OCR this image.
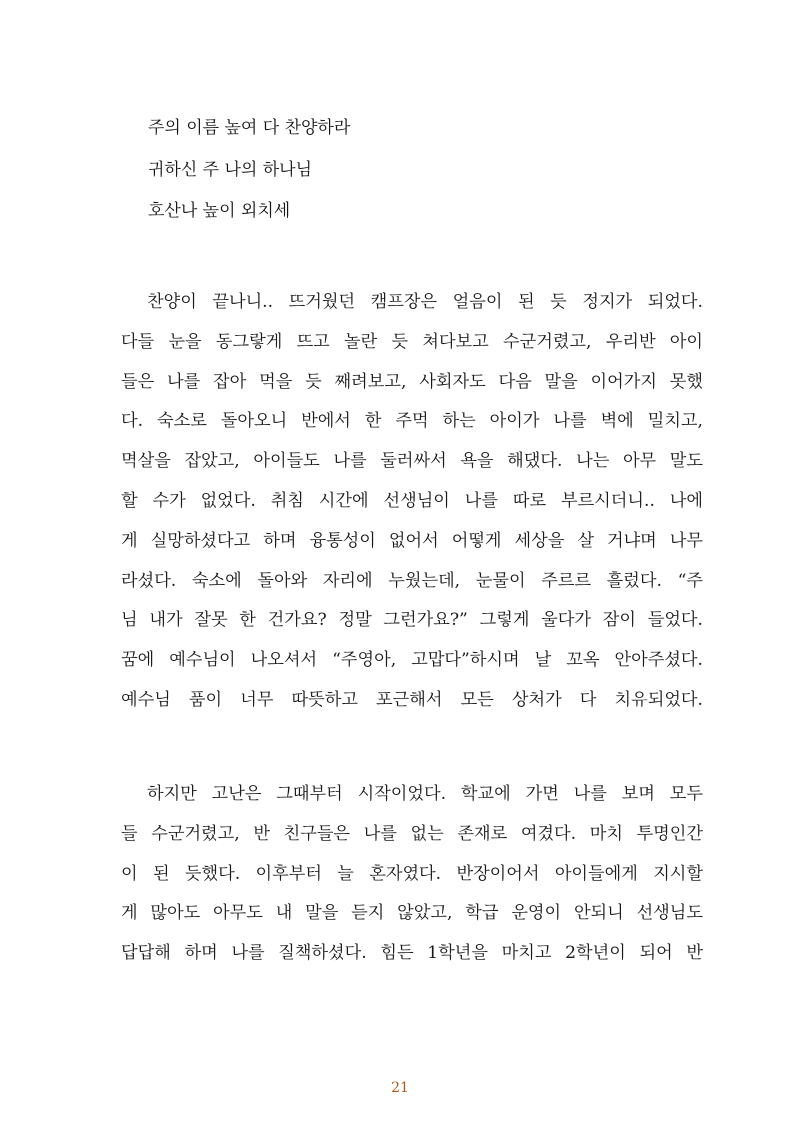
주의 이름 높여 다 찬양하라
귀하신 주 나의 하나님
호산나 높이 외치세
찬양이 끝나니.. 뜨거웠던 캠프장은 얼음이 된 듯 정지가 되었다.
다들 눈을 동그랗게 뜨고 놀란 듯 쳐다보고 수군거렸고, 우리반 아이
들은 나를 잡아 먹을 듯 째려보고, 사회자도 다음 말을 이어가지 못했
다. 숙소로 돌아오니 반에서 한 주먹 하는 아이가 나를 벽에 밀치고,
멱살을 잡았고, 아이들도 나를 둘러싸서 욕을 해댔다. 나는 아무 말도
할 수가 없었다. 취침 시간에 선생님이 나를 따로 부르시더니.. 나에
게 실망하셨다고 하며 융통성이 없어서 어떻게 세상을 살 거냐며 나무
라셨다. 숙소에 돌아와 자리에 누웠는데, 눈물이 주르르 흘렀다. “주
님 내가 잘못 한 건가요? 정말 그런가요?” 그렇게 울다가 잠이 들었다.
꿈에 예수님이 나오셔서 “주영아, 고맙다”하시며 날 꼬옥 안아주셨다.
예수님 품이 너무 따뜻하고 포근해서 모든 상처가 다 치유되었다.
하지만 고난은 그때부터 시작이었다. 학교에 가면 나를 보며 모두
들 수군거렸고, 반 친구들은 나를 없는 존재로 여겼다. 마치 투명인간
이 된 듯했다. 이후부터 늘 혼자였다. 반장이어서 아이들에게 지시할
게 많아도 아무도 내 말을 듣지 않았고, 학급 운영이 안되니 선생님도
답답해 하며 나를 질책하셨다. 힘든 1학년을 마치고 2학년이 되어 반
21
